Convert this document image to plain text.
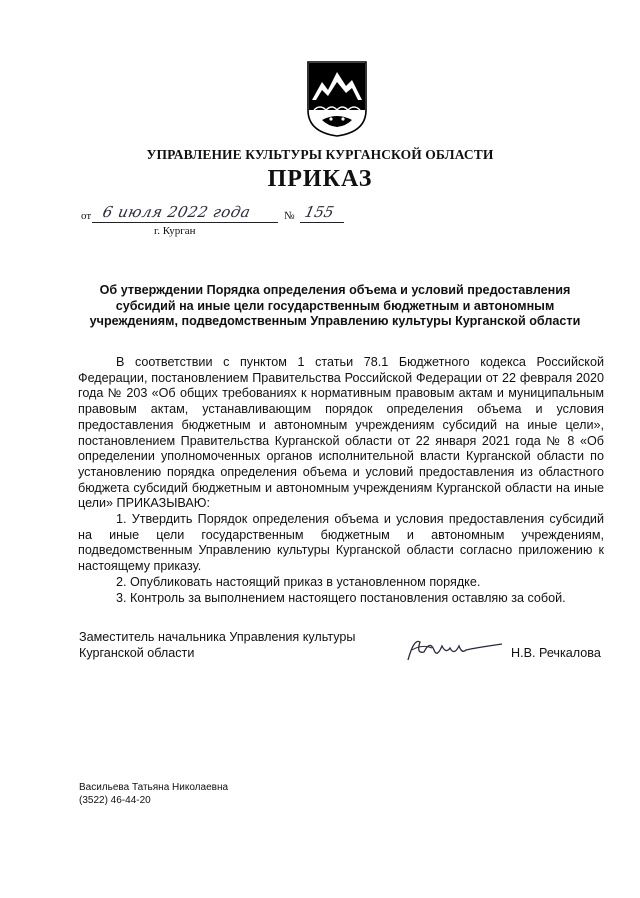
УПРАВЛЕНИЕ КУЛЬТУРЫ КУРГАНСКОЙ ОБЛАСТИ
ПРИКАЗ
от 6 июля 2022 года	№ 155
г. Курган
Об утверждении Порядка определения объема и условий предоставления субсидий на иные цели государственным бюджетным и автономным учреждениям, подведомственным Управлению культуры Курганской области

В соответствии с пунктом 1 статьи 78.1 Бюджетного кодекса Российской Федерации, постановлением Правительства Российской Федерации от 22 февраля 2020 года № 203 «Об общих требованиях к нормативным правовым актам и муниципальным правовым актам, устанавливающим порядок определения объема и условия предоставления бюджетным и автономным учреждениям субсидий на иные цели», постановлением Правительства Курганской области от 22 января 2021 года № 8 «Об определении уполномоченных органов исполнительной власти Курганской области по установлению порядка определения объема и условий предоставления из областного бюджета субсидий бюджетным и автономным учреждениям Курганской области на иные цели» ПРИКАЗЫВАЮ:

1. Утвердить Порядок определения объема и условия предоставления субсидий на иные цели государственным бюджетным и автономным учреждениям, подведомственным Управлению культуры Курганской области согласно приложению к настоящему приказу.

2. Опубликовать настоящий приказ в установленном порядке.

3. Контроль за выполнением настоящего постановления оставляю за собой.

Заместитель начальника Управления культуры
Курганской области	Н.В. Речкалова
Васильева Татьяна Николаевна
(3522) 46-44-20
